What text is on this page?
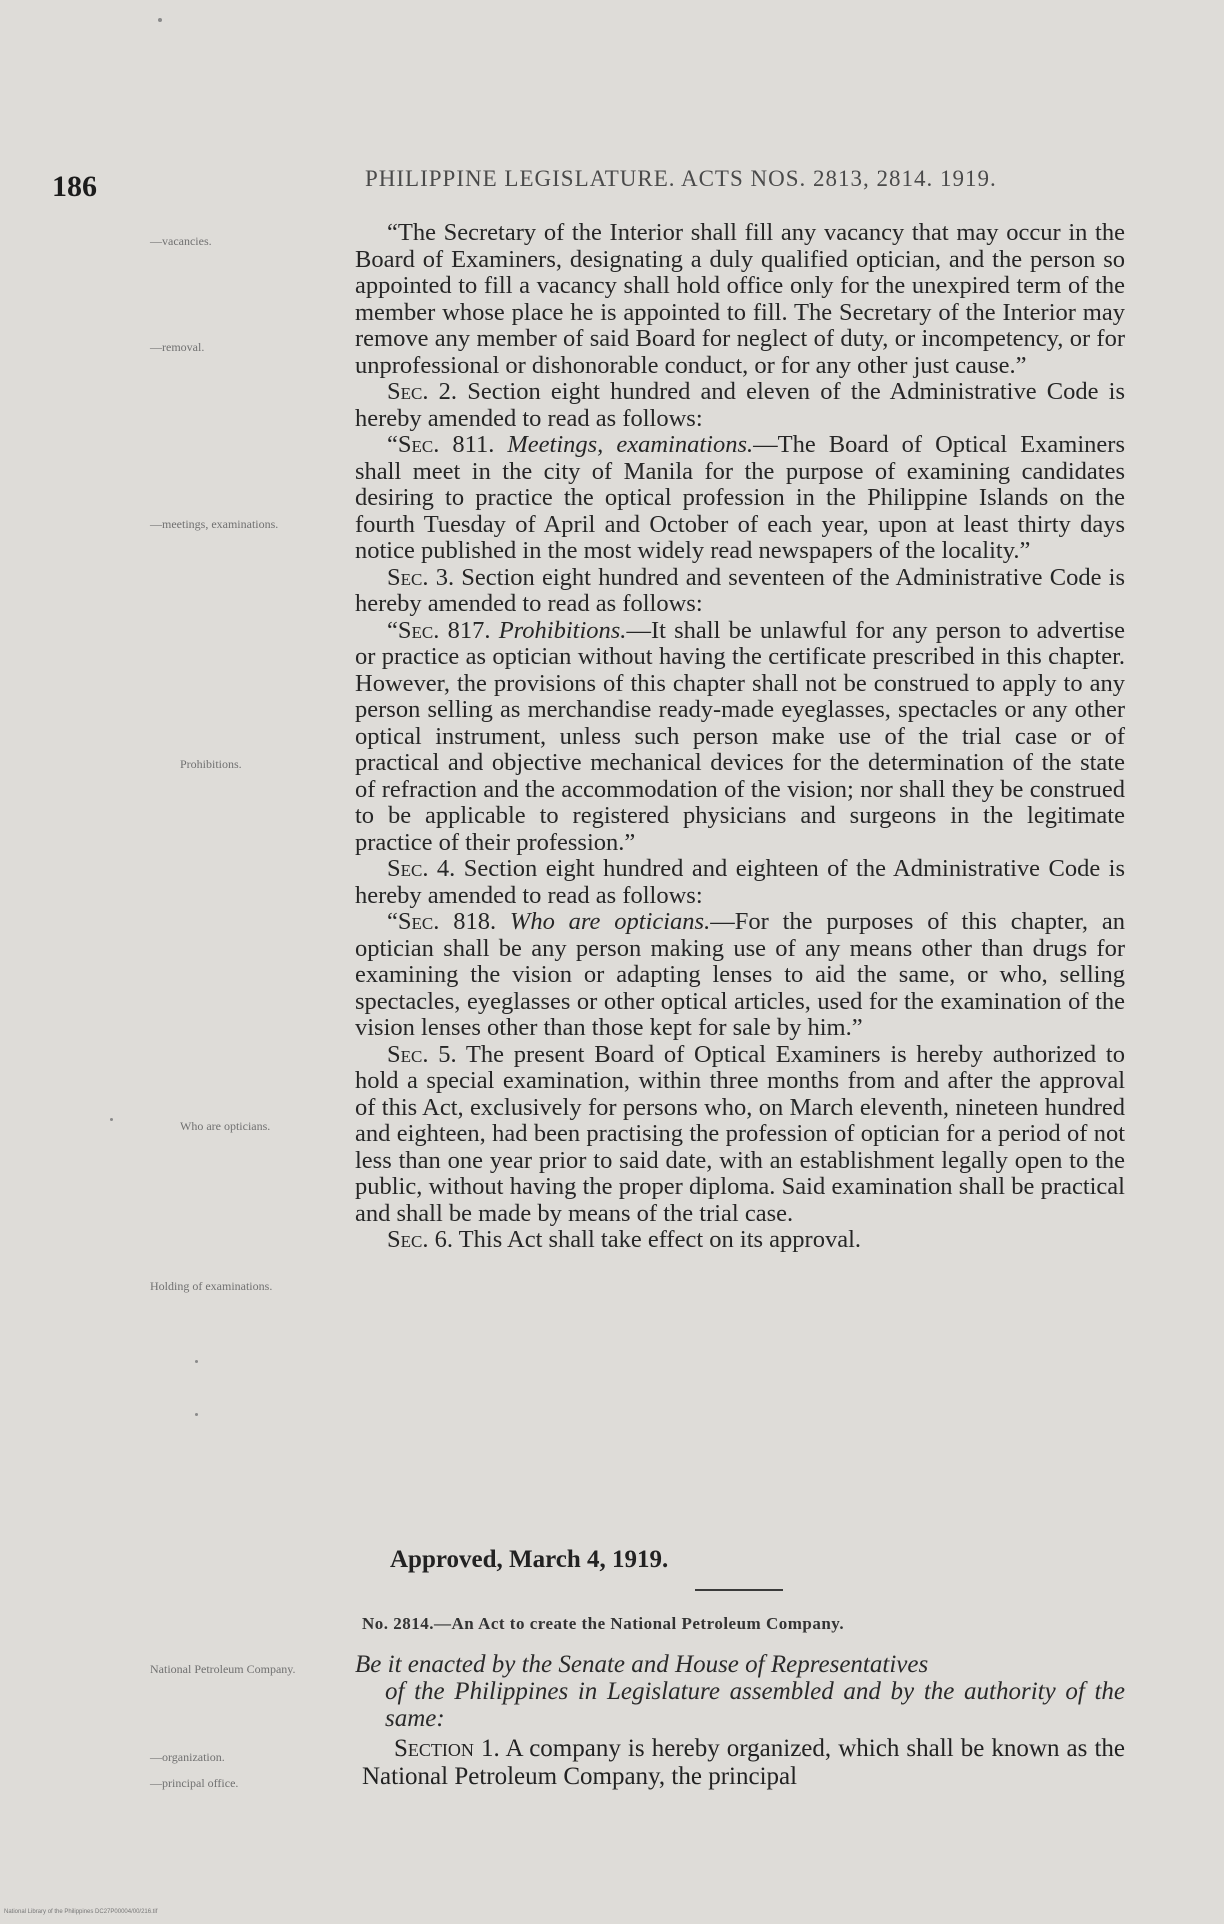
186	PHILIPPINE LEGISLATURE. ACTS NOS. 2813, 2814. 1919.
—vacancies.
—removal.
—meetings, examinations.
Prohibitions.
Who are opticians.
Holding of examinations.
National Petroleum Company.
—organization.
—principal office.

“The Secretary of the Interior shall fill any vacancy that may occur in the Board of Examiners, designating a duly qualified optician, and the person so appointed to fill a vacancy shall hold office only for the unexpired term of the member whose place he is appointed to fill. The Secretary of the Interior may remove any member of said Board for neglect of duty, or incompetency, or for unprofessional or dishonorable conduct, or for any other just cause.”

Sec. 2. Section eight hundred and eleven of the Administrative Code is hereby amended to read as follows:

“Sec. 811. Meetings, examinations.—The Board of Optical Examiners shall meet in the city of Manila for the purpose of examining candidates desiring to practice the optical profession in the Philippine Islands on the fourth Tuesday of April and October of each year, upon at least thirty days notice published in the most widely read newspapers of the locality.”

Sec. 3. Section eight hundred and seventeen of the Administrative Code is hereby amended to read as follows:

“Sec. 817. Prohibitions.—It shall be unlawful for any person to advertise or practice as optician without having the certificate prescribed in this chapter. However, the provisions of this chapter shall not be construed to apply to any person selling as merchandise ready-made eyeglasses, spectacles or any other optical instrument, unless such person make use of the trial case or of practical and objective mechanical devices for the determination of the state of refraction and the accommodation of the vision; nor shall they be construed to be applicable to registered physicians and surgeons in the legitimate practice of their profession.”

Sec. 4. Section eight hundred and eighteen of the Administrative Code is hereby amended to read as follows:

“Sec. 818. Who are opticians.—For the purposes of this chapter, an optician shall be any person making use of any means other than drugs for examining the vision or adapting lenses to aid the same, or who, selling spectacles, eyeglasses or other optical articles, used for the examination of the vision lenses other than those kept for sale by him.”

Sec. 5. The present Board of Optical Examiners is hereby authorized to hold a special examination, within three months from and after the approval of this Act, exclusively for persons who, on March eleventh, nineteen hundred and eighteen, had been practising the profession of optician for a period of not less than one year prior to said date, with an establishment legally open to the public, without having the proper diploma. Said examination shall be practical and shall be made by means of the trial case.

Sec. 6. This Act shall take effect on its approval.

Approved, March 4, 1919.
No. 2814.—An Act to create the National Petroleum Company.
Be it enacted by the Senate and House of Representatives
of the Philippines in Legislature assembled and by the authority of the same:
Section 1. A company is hereby organized, which shall be known as the National Petroleum Company, the principal
National Library of the Philippines DC27P00004/00/216.tif
